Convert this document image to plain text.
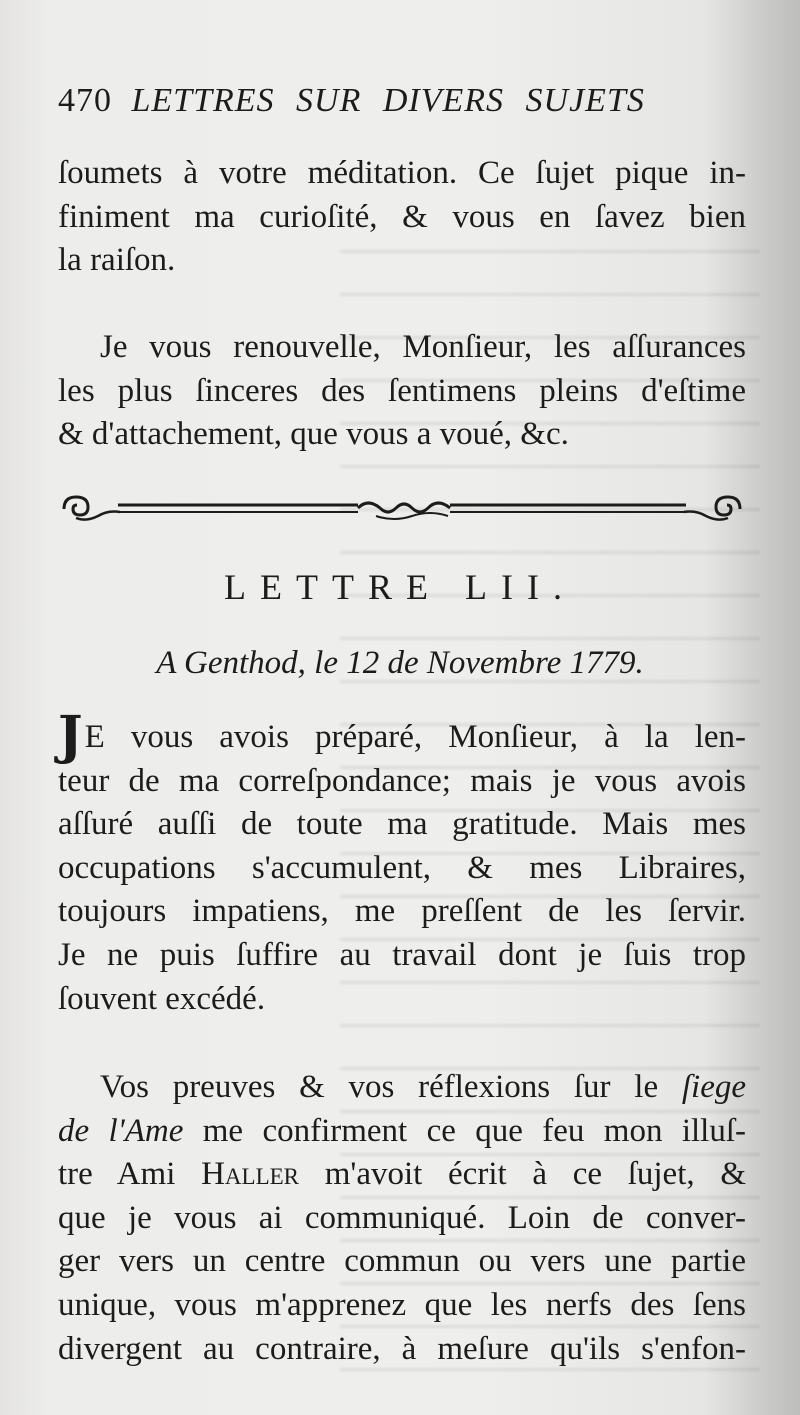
470 LETTRES SUR DIVERS SUJETS
ſoumets à votre méditation. Ce ſujet pique in-
finiment ma curioſité, & vous en ſavez bien
la raiſon.
Je vous renouvelle, Monſieur, les aſſurances
les plus ſinceres des ſentimens pleins d'eſtime
& d'attachement, que vous a voué, &c.
LETTRE LII.
A Genthod, le 12 de Novembre 1779.
JE vous avois préparé, Monſieur, à la len-
teur de ma correſpondance; mais je vous avois
aſſuré auſſi de toute ma gratitude. Mais mes
occupations s'accumulent, & mes Libraires,
toujours impatiens, me preſſent de les ſervir.
Je ne puis ſuffire au travail dont je ſuis trop
ſouvent excédé.
Vos preuves & vos réflexions ſur le ſiege
de l'Ame me confirment ce que feu mon illuſ-
tre Ami Haller m'avoit écrit à ce ſujet, &
que je vous ai communiqué. Loin de conver-
ger vers un centre commun ou vers une partie
unique, vous m'apprenez que les nerfs des ſens
divergent au contraire, à meſure qu'ils s'enfon-
